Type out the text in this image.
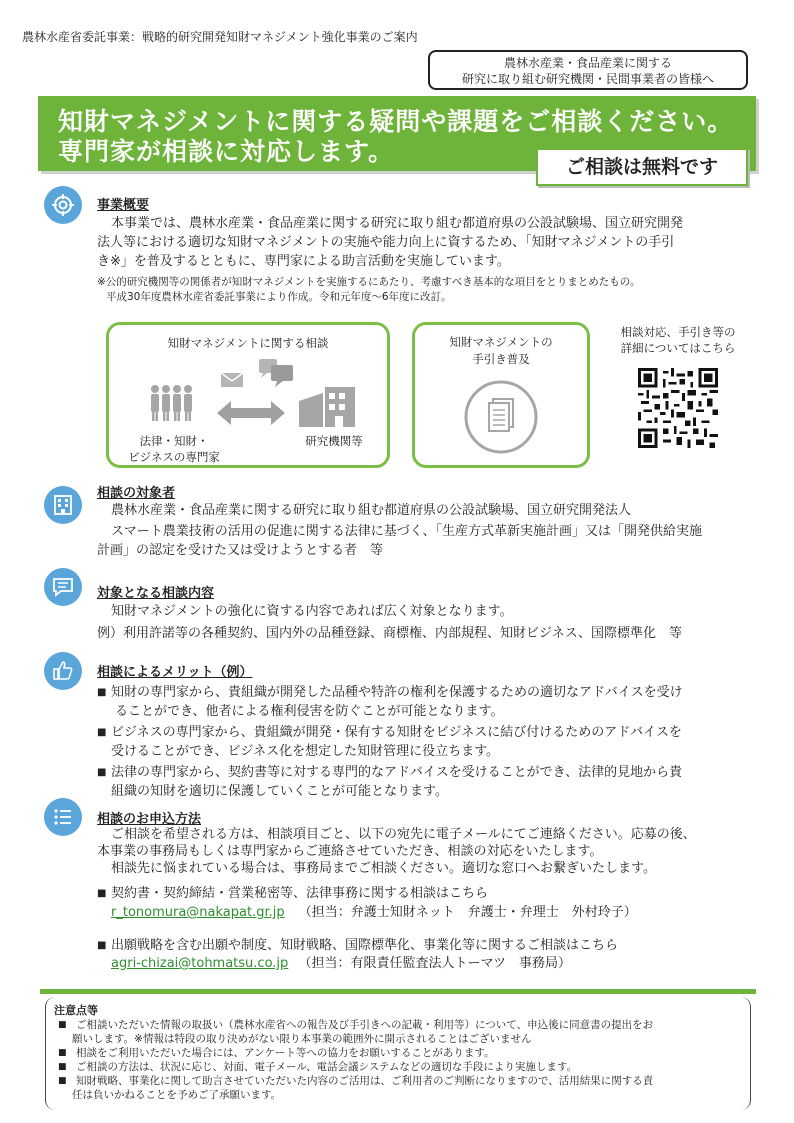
農林水産省委託事業：戦略的研究開発知財マネジメント強化事業のご案内
農林水産業・食品産業に関する
研究に取り組む研究機関・民間事業者の皆様へ
知財マネジメントに関する疑問や課題をご相談ください。
専門家が相談に対応します。
ご相談は無料です
事業概要
本事業では、農林水産業・食品産業に関する研究に取り組む都道府県の公設試験場、国立研究開発
法人等における適切な知財マネジメントの実施や能力向上に資するため、「知財マネジメントの手引
き※」を普及するとともに、専門家による助言活動を実施しています。
※公的研究機関等の関係者が知財マネジメントを実施するにあたり、考慮すべき基本的な項目をとりまとめたもの。
平成30年度農林水産省委託事業により作成。令和元年度～6年度に改訂。
知財マネジメントに関する相談
法律・知財・
ビジネスの専門家
研究機関等
知財マネジメントの
手引き普及
相談対応、手引き等の
詳細についてはこちら
相談の対象者
農林水産業・食品産業に関する研究に取り組む都道府県の公設試験場、国立研究開発法人
スマート農業技術の活用の促進に関する法律に基づく、「生産方式革新実施計画」又は「開発供給実施
計画」の認定を受けた又は受けようとする者　等
対象となる相談内容
知財マネジメントの強化に資する内容であれば広く対象となります。
例）利用許諾等の各種契約、国内外の品種登録、商標権、内部規程、知財ビジネス、国際標準化　等
相談によるメリット（例）
■ 知財の専門家から、貴組織が開発した品種や特許の権利を保護するための適切なアドバイスを受け
ることができ、他者による権利侵害を防ぐことが可能となります。
■ ビジネスの専門家から、貴組織が開発・保有する知財をビジネスに結び付けるためのアドバイスを
受けることができ、ビジネス化を想定した知財管理に役立ちます。
■ 法律の専門家から、契約書等に対する専門的なアドバイスを受けることができ、法律的見地から貴
組織の知財を適切に保護していくことが可能となります。
相談のお申込方法
ご相談を希望される方は、相談項目ごと、以下の宛先に電子メールにてご連絡ください。応募の後、
本事業の事務局もしくは専門家からご連絡させていただき、相談の対応をいたします。
相談先に悩まれている場合は、事務局までご相談ください。適切な窓口へお繋ぎいたします。
■ 契約書・契約締結・営業秘密等、法律事務に関する相談はこちら
r_tonomura@nakapat.gr.jp （担当：弁護士知財ネット　弁護士・弁理士　外村玲子）
■ 出願戦略を含む出願や制度、知財戦略、国際標準化、事業化等に関するご相談はこちら
agri-chizai@tohmatsu.co.jp （担当：有限責任監査法人トーマツ　事務局）
注意点等
■ ご相談いただいた情報の取扱い（農林水産省への報告及び手引きへの記載・利用等）について、申込後に同意書の提出をお
願いします。※情報は特段の取り決めがない限り本事業の範囲外に開示されることはございません
■ 相談をご利用いただいた場合には、アンケート等への協力をお願いすることがあります。
■ ご相談の方法は、状況に応じ、対面、電子メール、電話会議システムなどの適切な手段により実施します。
■ 知財戦略、事業化に関して助言させていただいた内容のご活用は、ご利用者のご判断になりますので、活用結果に関する責
任は負いかねることを予めご了承願います。
